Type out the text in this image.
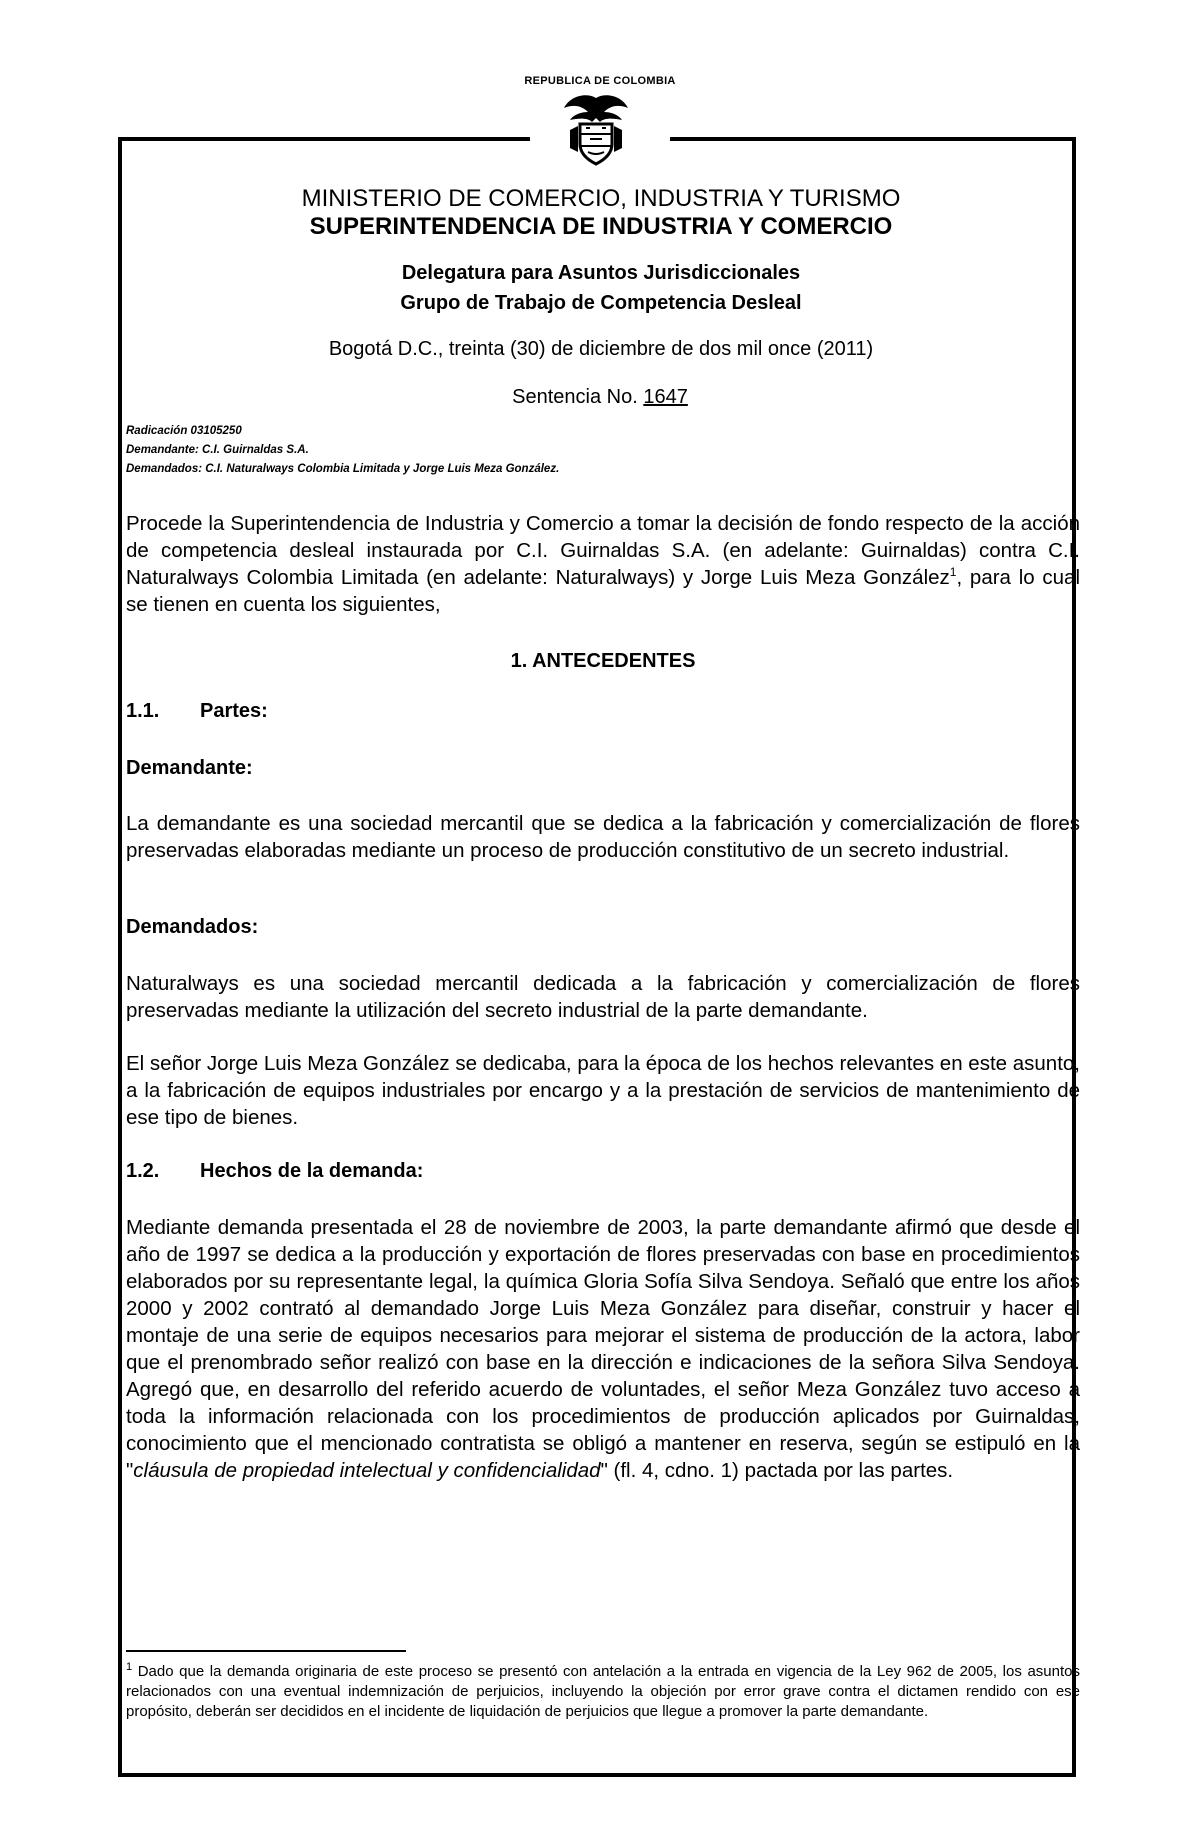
REPUBLICA DE COLOMBIA
MINISTERIO DE COMERCIO, INDUSTRIA Y TURISMO
SUPERINTENDENCIA DE INDUSTRIA Y COMERCIO
Delegatura para Asuntos Jurisdiccionales
Grupo de Trabajo de Competencia Desleal
Bogotá D.C., treinta (30) de diciembre de dos mil once (2011)
Sentencia No. 1647
Radicación 03105250
Demandante: C.I. Guirnaldas S.A.
Demandados: C.I. Naturalways Colombia Limitada y Jorge Luis Meza González.

Procede la Superintendencia de Industria y Comercio a tomar la decisión de fondo respecto de la acción de competencia desleal instaurada por C.I. Guirnaldas S.A. (en adelante: Guirnaldas) contra C.I. Naturalways Colombia Limitada (en adelante: Naturalways) y Jorge Luis Meza González$^1$, para lo cual se tienen en cuenta los siguientes,

1. ANTECEDENTES
1.1. Partes:
Demandante:

La demandante es una sociedad mercantil que se dedica a la fabricación y comercialización de flores preservadas elaboradas mediante un proceso de producción constitutivo de un secreto industrial.

Demandados:

Naturalways es una sociedad mercantil dedicada a la fabricación y comercialización de flores preservadas mediante la utilización del secreto industrial de la parte demandante.

El señor Jorge Luis Meza González se dedicaba, para la época de los hechos relevantes en este asunto, a la fabricación de equipos industriales por encargo y a la prestación de servicios de mantenimiento de ese tipo de bienes.

1.2. Hechos de la demanda:

Mediante demanda presentada el 28 de noviembre de 2003, la parte demandante afirmó que desde el año de 1997 se dedica a la producción y exportación de flores preservadas con base en procedimientos elaborados por su representante legal, la química Gloria Sofía Silva Sendoya. Señaló que entre los años 2000 y 2002 contrató al demandado Jorge Luis Meza González para diseñar, construir y hacer el montaje de una serie de equipos necesarios para mejorar el sistema de producción de la actora, labor que el prenombrado señor realizó con base en la dirección e indicaciones de la señora Silva Sendoya. Agregó que, en desarrollo del referido acuerdo de voluntades, el señor Meza González tuvo acceso a toda la información relacionada con los procedimientos de producción aplicados por Guirnaldas, conocimiento que el mencionado contratista se obligó a mantener en reserva, según se estipuló en la "cláusula de propiedad intelectual y confidencialidad" (fl. 4, cdno. 1) pactada por las partes.

$^1$ Dado que la demanda originaria de este proceso se presentó con antelación a la entrada en vigencia de la Ley 962 de 2005, los asuntos relacionados con una eventual indemnización de perjuicios, incluyendo la objeción por error grave contra el dictamen rendido con ese propósito, deberán ser decididos en el incidente de liquidación de perjuicios que llegue a promover la parte demandante.
